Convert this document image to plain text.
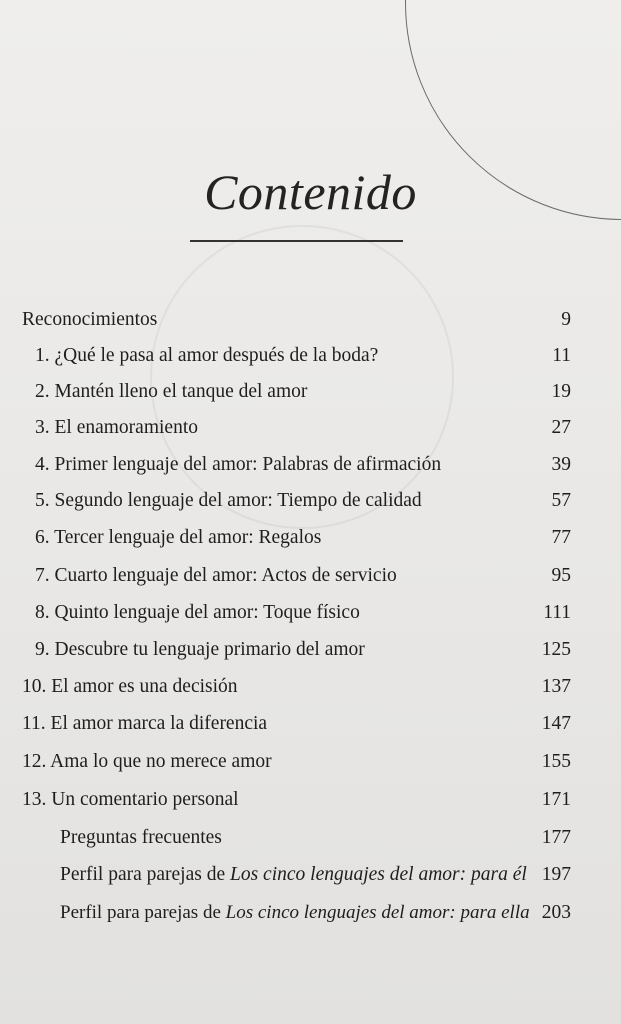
Contenido
Reconocimientos	9
1. ¿Qué le pasa al amor después de la boda?	11
2. Mantén lleno el tanque del amor	19
3. El enamoramiento	27
4. Primer lenguaje del amor: Palabras de afirmación	39
5. Segundo lenguaje del amor: Tiempo de calidad	57
6. Tercer lenguaje del amor: Regalos	77
7. Cuarto lenguaje del amor: Actos de servicio	95
8. Quinto lenguaje del amor: Toque físico	111
9. Descubre tu lenguaje primario del amor	125
10. El amor es una decisión	137
11. El amor marca la diferencia	147
12. Ama lo que no merece amor	155
13. Un comentario personal	171
Preguntas frecuentes	177
Perfil para parejas de Los cinco lenguajes del amor: para él 197
Perfil para parejas de Los cinco lenguajes del amor: para ella 203
